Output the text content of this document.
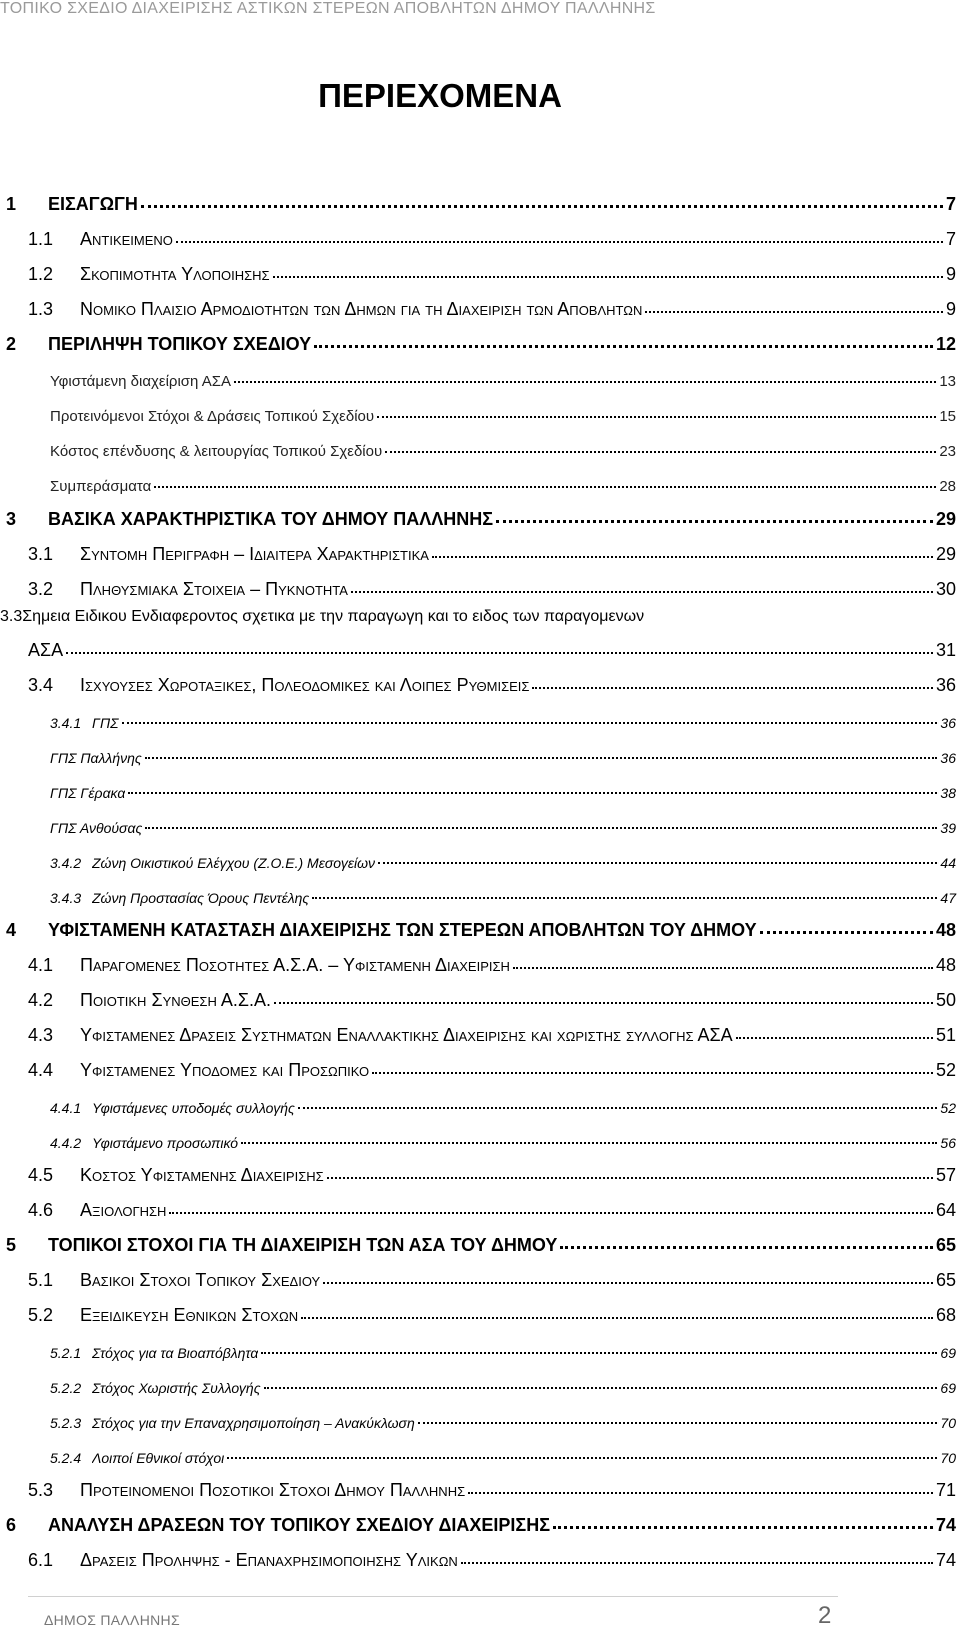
ΤΟΠΙΚΟ ΣΧΕΔΙΟ ΔΙΑΧΕΙΡΙΣΗΣ ΑΣΤΙΚΩΝ ΣΤΕΡΕΩΝ ΑΠΟΒΛΗΤΩΝ ΔΗΜΟΥ ΠΑΛΛΗΝΗΣ
ΠΕΡΙΕΧΟΜΕΝΑ
1	ΕΙΣΑΓΩΓΗ	7
1.1	Αντικειμενο	7
1.2	Σκοπιμοτητα Υλοποιησης	9
1.3	Νομικο Πλαισιο Αρμοδιοτητων των Δημων για τη Διαχειριση των Αποβλητων	9
2	ΠΕΡΙΛΗΨΗ ΤΟΠΙΚΟΥ ΣΧΕΔΙΟΥ	12
Υφιστάμενη διαχείριση ΑΣΑ	13
Προτεινόμενοι Στόχοι & Δράσεις Τοπικού Σχεδίου	15
Κόστος επένδυσης & λειτουργίας Τοπικού Σχεδίου	23
Συμπεράσματα	28
3	ΒΑΣΙΚΑ ΧΑΡΑΚΤΗΡΙΣΤΙΚΑ ΤΟΥ ΔΗΜΟΥ ΠΑΛΛΗΝΗΣ	29
3.1	Συντομη Περιγραφη – Ιδιαιτερα Χαρακτηριστικα	29
3.2	Πληθυσμιακα Στοιχεια – Πυκνοτητα	30
3.3 Σημεια Ειδικου Ενδιαφεροντος σχετικα με την παραγωγη και το ειδος των παραγομενων
ΑΣΑ	31
3.4	Ισχυουσες Χωροταξικες, Πολεοδομικες και Λοιπες Ρυθμισεις	36
3.4.1 ΓΠΣ	36
ΓΠΣ Παλλήνης	36
ΓΠΣ Γέρακα	38
ΓΠΣ Ανθούσας	39
3.4.2 Ζώνη Οικιστικού Ελέγχου (Ζ.Ο.Ε.) Μεσογείων	44
3.4.3 Ζώνη Προστασίας Όρους Πεντέλης	47
4	ΥΦΙΣΤΑΜΕΝΗ ΚΑΤΑΣΤΑΣΗ ΔΙΑΧΕΙΡΙΣΗΣ ΤΩΝ ΣΤΕΡΕΩΝ ΑΠΟΒΛΗΤΩΝ ΤΟΥ ΔΗΜΟΥ	48
4.1	Παραγομενες Ποσοτητες Α.Σ.Α. – Υφισταμενη Διαχειριση	48
4.2	Ποιοτικη Συνθεση Α.Σ.Α.	50
4.3	Υφισταμενες Δρασεις Συστηματων Εναλλακτικης Διαχειρισης και χωριστης συλλογης ΑΣΑ	51
4.4	Υφισταμενες Υποδομες και Προσωπικο	52
4.4.1 Υφιστάμενες υποδομές συλλογής	52
4.4.2 Υφιστάμενο προσωπικό	56
4.5	Κοστος Υφισταμενης Διαχειρισης	57
4.6	Αξιολογηση	64
5	ΤΟΠΙΚΟΙ ΣΤΟΧΟΙ ΓΙΑ ΤΗ ΔΙΑΧΕΙΡΙΣΗ ΤΩΝ ΑΣΑ ΤΟΥ ΔΗΜΟΥ	65
5.1	Βασικοι Στοχοι Τοπικου Σχεδιου	65
5.2	Εξειδικευση Εθνικων Στοχων	68
5.2.1 Στόχος για τα Βιοαπόβλητα	69
5.2.2 Στόχος Χωριστής Συλλογής	69
5.2.3 Στόχος για την Επαναχρησιμοποίηση – Ανακύκλωση	70
5.2.4 Λοιποί Εθνικοί στόχοι	70
5.3	Προτεινομενοι Ποσοτικοι Στοχοι Δημου Παλληνης	71
6	ΑΝΑΛΥΣΗ ΔΡΑΣΕΩΝ ΤΟΥ ΤΟΠΙΚΟΥ ΣΧΕΔΙΟΥ ΔΙΑΧΕΙΡΙΣΗΣ	74
6.1	Δρασεις Προληψης - Επαναχρησιμοποιησης Υλικων	74
ΔΗΜΟΣ ΠΑΛΛΗΝΗΣ	2
